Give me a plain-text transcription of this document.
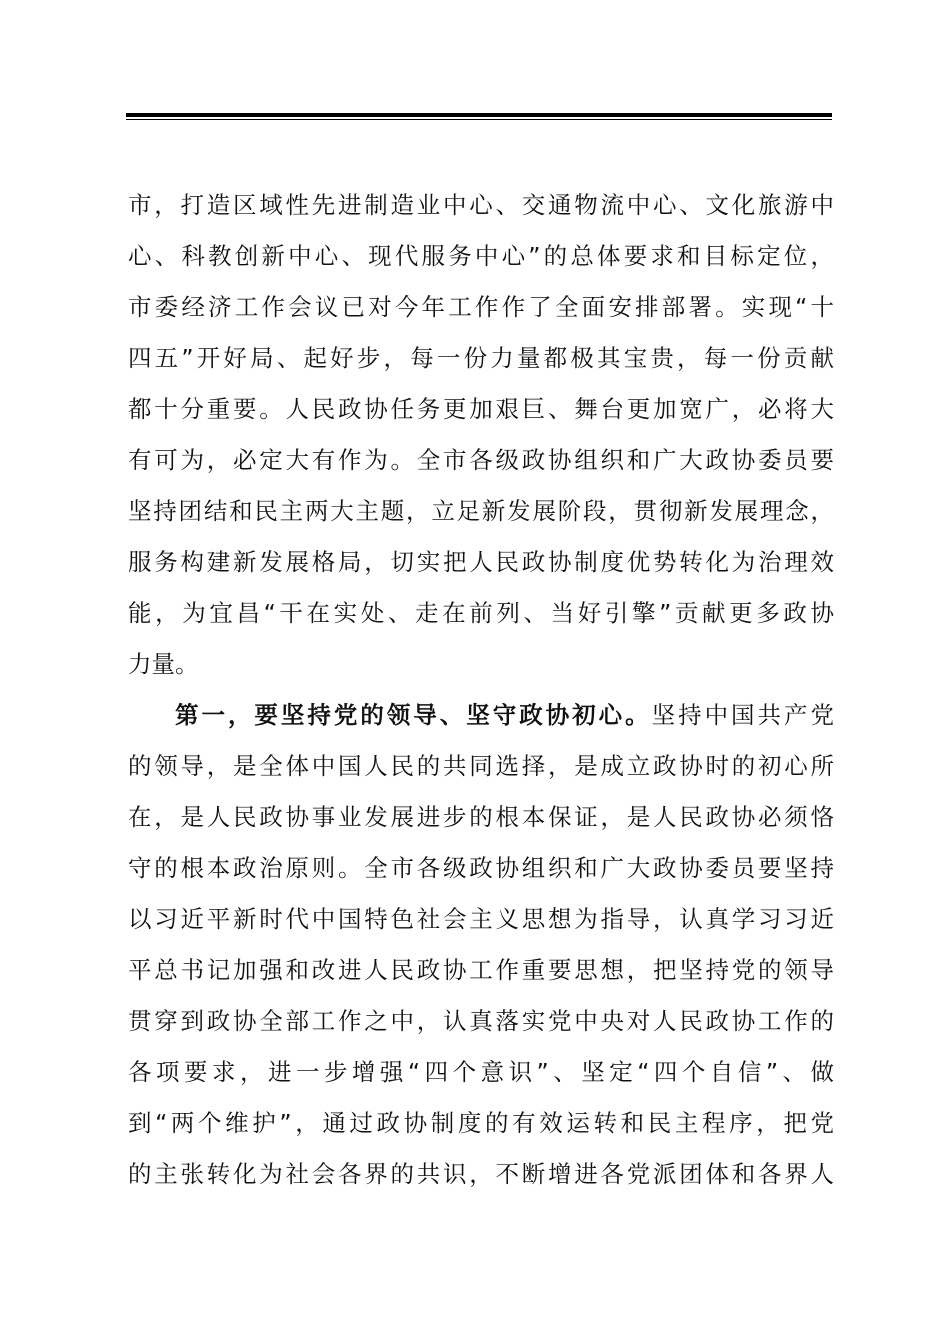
市，打造区域性先进制造业中心、交通物流中心、文化旅游中
心、科教创新中心、现代服务中心”的总体要求和目标定位，
市委经济工作会议已对今年工作作了全面安排部署。实现“十
四五”开好局、起好步，每一份力量都极其宝贵，每一份贡献
都十分重要。人民政协任务更加艰巨、舞台更加宽广，必将大
有可为，必定大有作为。全市各级政协组织和广大政协委员要
坚持团结和民主两大主题，立足新发展阶段，贯彻新发展理念，
服务构建新发展格局，切实把人民政协制度优势转化为治理效
能，为宜昌“干在实处、走在前列、当好引擎”贡献更多政协
力量。
第一，要坚持党的领导、坚守政协初心。坚持中国共产党
的领导，是全体中国人民的共同选择，是成立政协时的初心所
在，是人民政协事业发展进步的根本保证，是人民政协必须恪
守的根本政治原则。全市各级政协组织和广大政协委员要坚持
以习近平新时代中国特色社会主义思想为指导，认真学习习近
平总书记加强和改进人民政协工作重要思想，把坚持党的领导
贯穿到政协全部工作之中，认真落实党中央对人民政协工作的
各项要求，进一步增强“四个意识”、坚定“四个自信”、做
到“两个维护”，通过政协制度的有效运转和民主程序，把党
的主张转化为社会各界的共识，不断增进各党派团体和各界人
